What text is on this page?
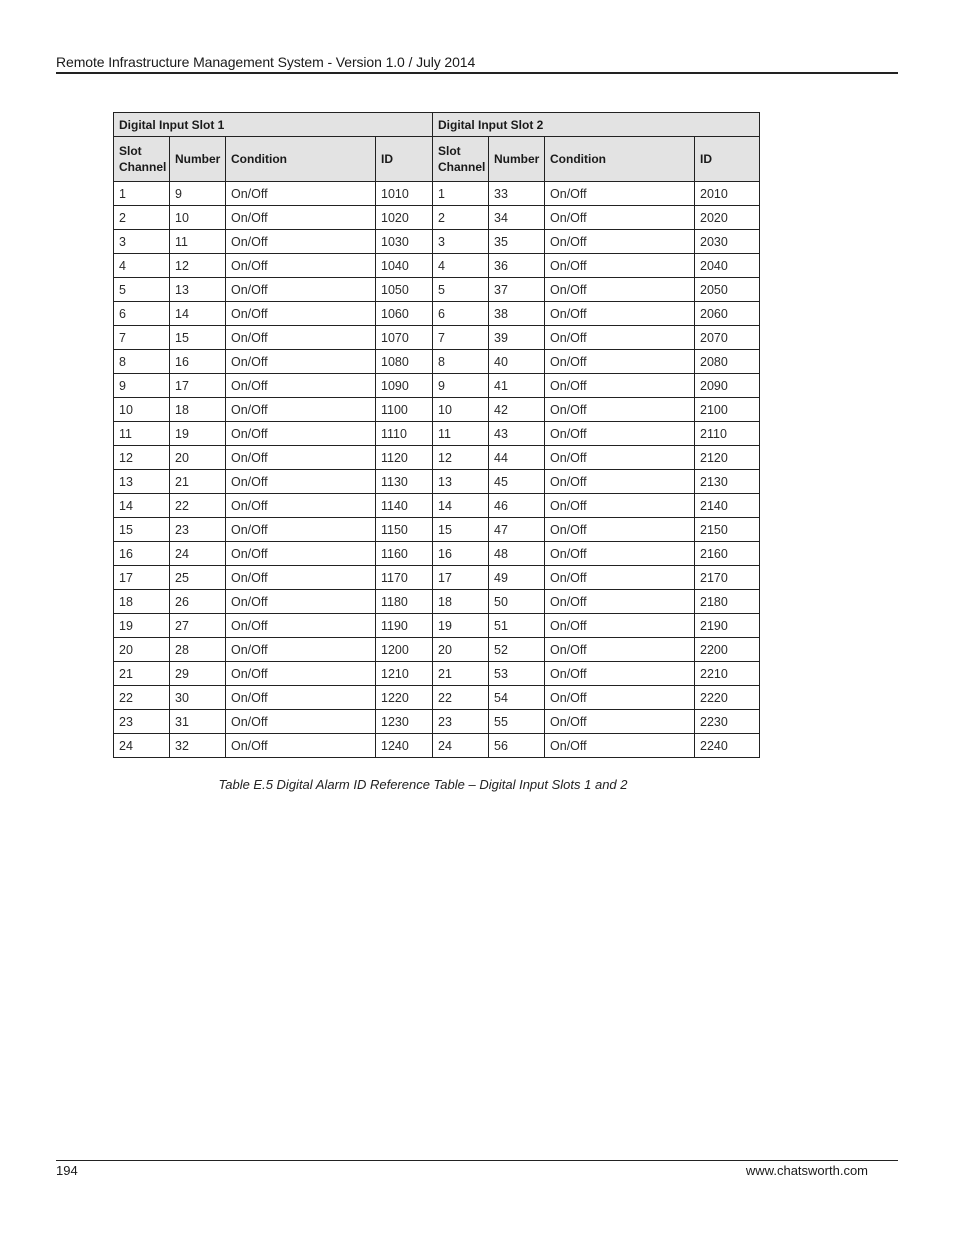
Remote Infrastructure Management System - Version 1.0 / July 2014
Digital Input Slot 1				Digital Input Slot 2			
Slot Channel	Number	Condition	ID	Slot Channel	Number	Condition	ID
1	9	On/Off	1010	1	33	On/Off	2010
2	10	On/Off	1020	2	34	On/Off	2020
3	11	On/Off	1030	3	35	On/Off	2030
4	12	On/Off	1040	4	36	On/Off	2040
5	13	On/Off	1050	5	37	On/Off	2050
6	14	On/Off	1060	6	38	On/Off	2060
7	15	On/Off	1070	7	39	On/Off	2070
8	16	On/Off	1080	8	40	On/Off	2080
9	17	On/Off	1090	9	41	On/Off	2090
10	18	On/Off	1100	10	42	On/Off	2100
11	19	On/Off	1110	11	43	On/Off	2110
12	20	On/Off	1120	12	44	On/Off	2120
13	21	On/Off	1130	13	45	On/Off	2130
14	22	On/Off	1140	14	46	On/Off	2140
15	23	On/Off	1150	15	47	On/Off	2150
16	24	On/Off	1160	16	48	On/Off	2160
17	25	On/Off	1170	17	49	On/Off	2170
18	26	On/Off	1180	18	50	On/Off	2180
19	27	On/Off	1190	19	51	On/Off	2190
20	28	On/Off	1200	20	52	On/Off	2200
21	29	On/Off	1210	21	53	On/Off	2210
22	30	On/Off	1220	22	54	On/Off	2220
23	31	On/Off	1230	23	55	On/Off	2230
24	32	On/Off	1240	24	56	On/Off	2240
Table E.5 Digital Alarm ID Reference Table – Digital Input Slots 1 and 2
194	www.chatsworth.com
